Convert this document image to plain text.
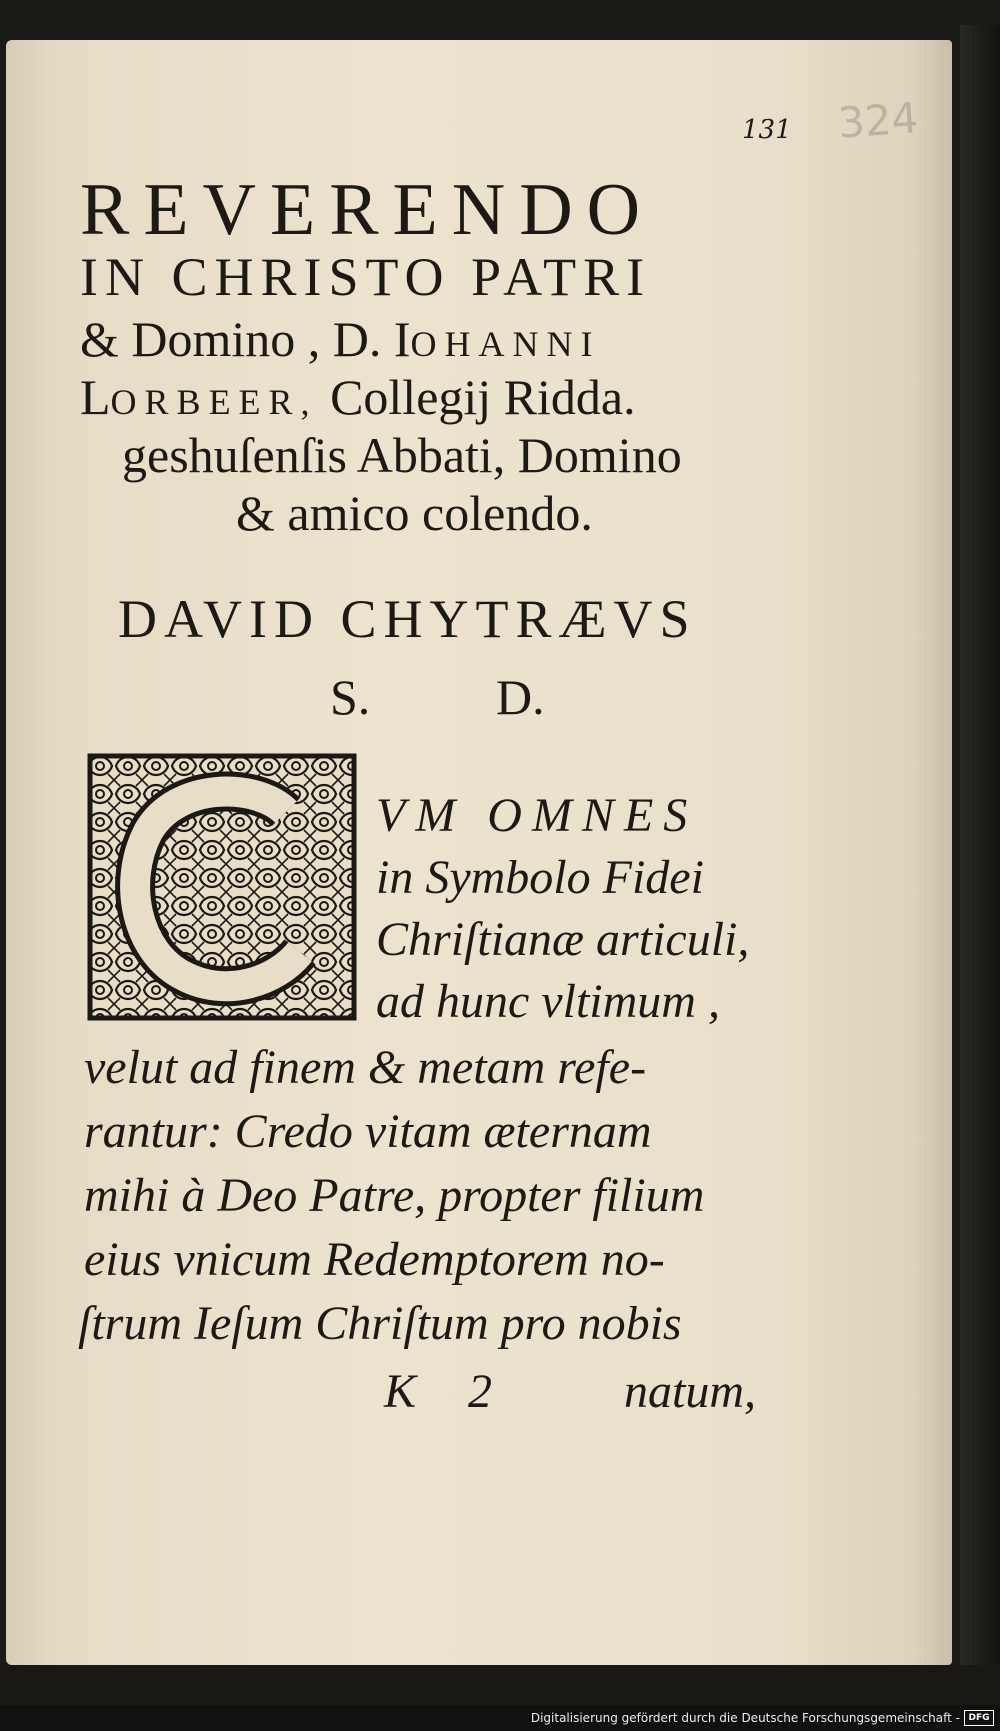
131 324
REVERENDO
IN CHRISTO PATRI
& Domino , D. IOHANNI
LORBEER, Collegij Ridda.
geshuſenſis Abbati, Domino
& amico colendo.
DAVID CHYTRÆVS
S.	D.
VM OMNES
in Symbolo Fidei
Chriſtianæ articuli,
ad hunc vltimum ,
velut ad finem & metam refe-
rantur: Credo vitam æternam
mihi à Deo Patre, propter filium
eius vnicum Redemptorem no-
ſtrum Ieſum Chriſtum pro nobis
K 2 natum,
Digitalisierung gefördert durch die Deutsche Forschungsgemeinschaft - DFG
